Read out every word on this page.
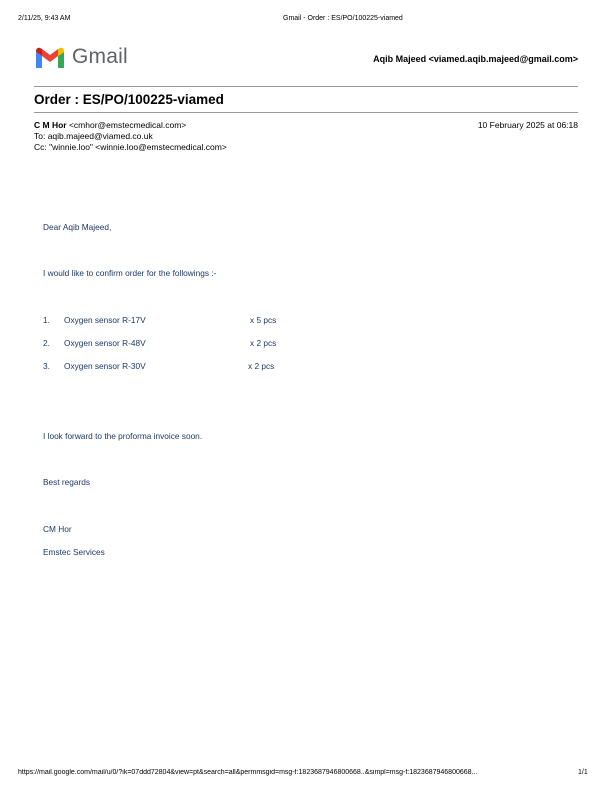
2/11/25, 9:43 AM	Gmail - Order : ES/PO/100225-viamed
Gmail	Aqib Majeed <viamed.aqib.majeed@gmail.com>
Order : ES/PO/100225-viamed
C M Hor <cmhor@emstecmedical.com>	10 February 2025 at 06:18
To: aqib.majeed@viamed.co.uk
Cc: "winnie.loo" <winnie.loo@emstecmedical.com>
Dear Aqib Majeed,
I would like to confirm order for the followings :-
1. Oxygen sensor R-17V	x 5 pcs
2. Oxygen sensor R-48V	x 2 pcs
3. Oxygen sensor R-30V	x 2 pcs
I look forward to the proforma invoice soon.
Best regards
CM Hor
Emstec Services
https://mail.google.com/mail/u/0/?ik=07ddd72804&view=pt&search=all&permmsgid=msg-f:1823687946800668..&simpl=msg-f:1823687946800668...	1/1
